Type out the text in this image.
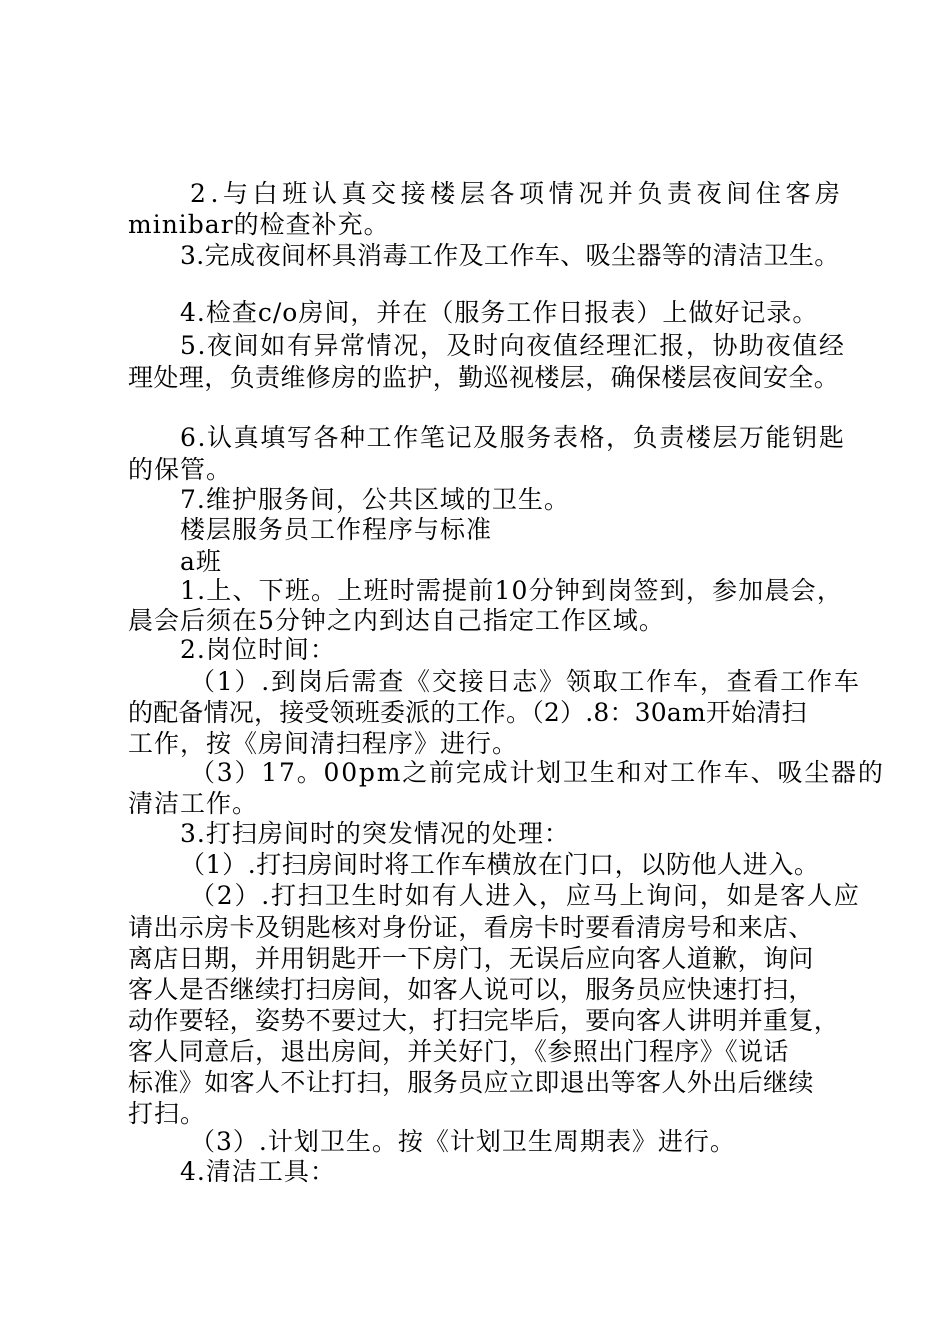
2.与白班认真交接楼层各项情况并负责夜间住客房
minibar的检查补充。
3.完成夜间杯具消毒工作及工作车、吸尘器等的清洁卫生。
4.检查c/o房间，并在（服务工作日报表）上做好记录。
5.夜间如有异常情况，及时向夜值经理汇报，协助夜值经
理处理，负责维修房的监护，勤巡视楼层，确保楼层夜间安全。
6.认真填写各种工作笔记及服务表格，负责楼层万能钥匙
的保管。
7.维护服务间，公共区域的卫生。
楼层服务员工作程序与标准
a班
1.上、下班。上班时需提前10分钟到岗签到，参加晨会，
晨会后须在5分钟之内到达自己指定工作区域。
2.岗位时间：
（1）.到岗后需查《交接日志》领取工作车，查看工作车
的配备情况，接受领班委派的工作。（2）.8：30am开始清扫
工作，按《房间清扫程序》进行。
（3）17。00pm之前完成计划卫生和对工作车、吸尘器的
清洁工作。
3.打扫房间时的突发情况的处理：
（1）.打扫房间时将工作车横放在门口，以防他人进入。
（2）.打扫卫生时如有人进入，应马上询问，如是客人应
请出示房卡及钥匙核对身份证，看房卡时要看清房号和来店、
离店日期，并用钥匙开一下房门，无误后应向客人道歉，询问
客人是否继续打扫房间，如客人说可以，服务员应快速打扫，
动作要轻，姿势不要过大，打扫完毕后，要向客人讲明并重复，
客人同意后，退出房间，并关好门，《参照出门程序》《说话
标准》如客人不让打扫，服务员应立即退出等客人外出后继续
打扫。
（3）.计划卫生。按《计划卫生周期表》进行。
4.清洁工具：
